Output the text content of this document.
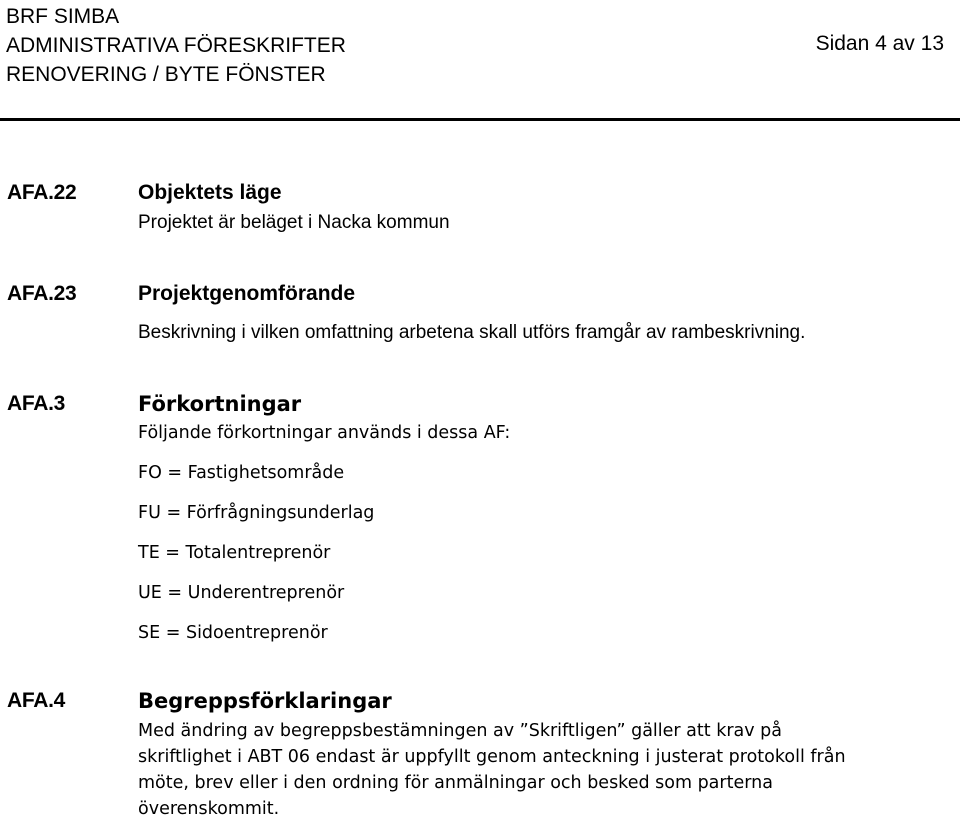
BRF SIMBA
ADMINISTRATIVA FÖRESKRIFTER
RENOVERING / BYTE FÖNSTER
Sidan 4 av 13
AFA.22	Objektets läge
Projektet är beläget i Nacka kommun
AFA.23	Projektgenomförande
Beskrivning i vilken omfattning arbetena skall utförs framgår av rambeskrivning.
AFA.3	Förkortningar
Följande förkortningar används i dessa AF:
FO = Fastighetsområde
FU = Förfrågningsunderlag
TE = Totalentreprenör
UE = Underentreprenör
SE = Sidoentreprenör
AFA.4	Begreppsförklaringar
Med ändring av begreppsbestämningen av ”Skriftligen” gäller att krav på
skriftlighet i ABT 06 endast är uppfyllt genom anteckning i justerat protokoll från
möte, brev eller i den ordning för anmälningar och besked som parterna
överenskommit.
